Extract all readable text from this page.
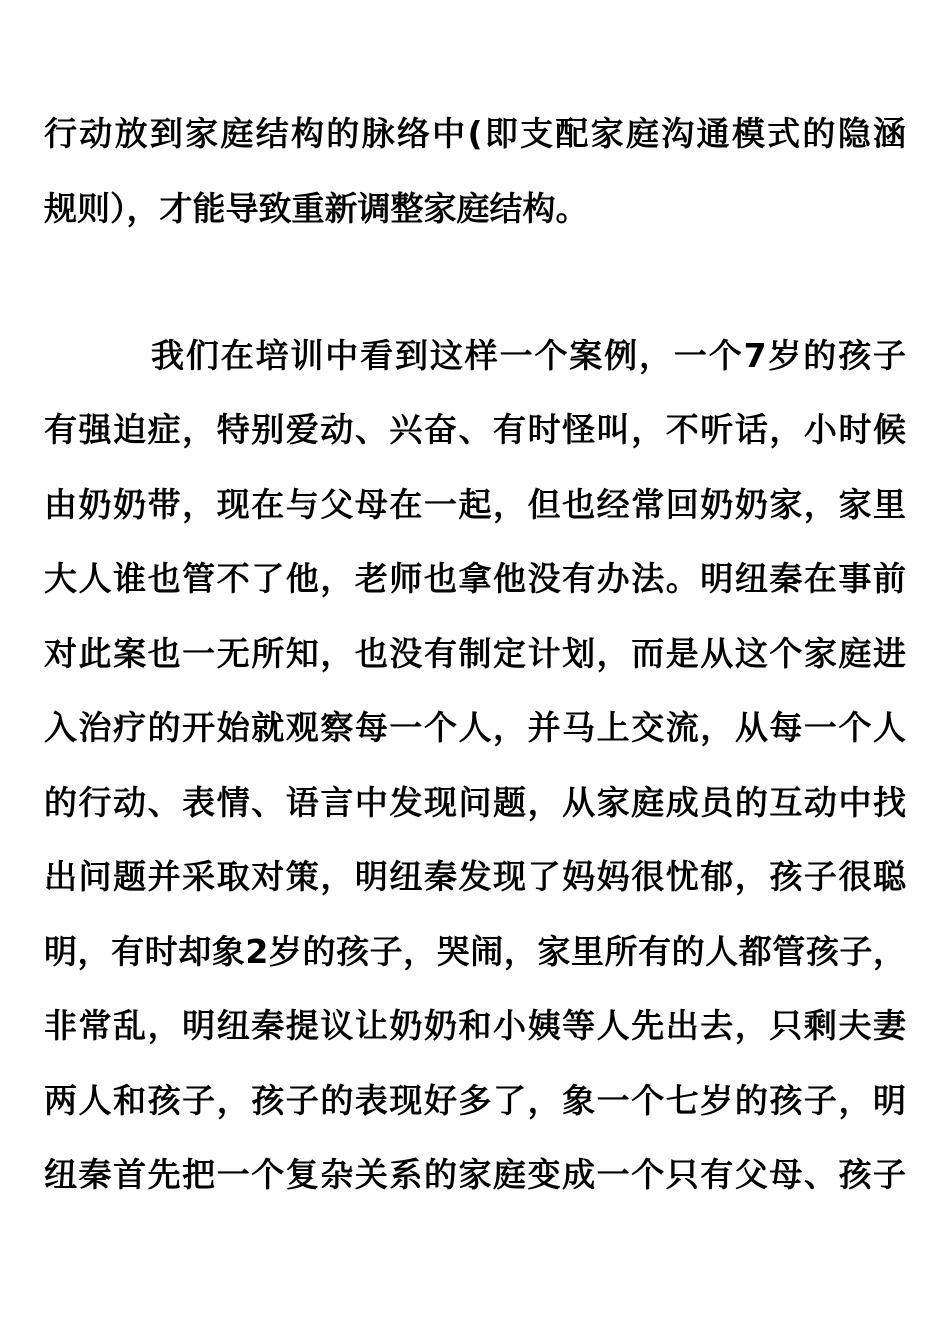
行动放到家庭结构的脉络中(即支配家庭沟通模式的隐涵
规则），才能导致重新调整家庭结构。
我们在培训中看到这样一个案例，一个7岁的孩子
有强迫症，特别爱动、兴奋、有时怪叫，不听话，小时候
由奶奶带，现在与父母在一起，但也经常回奶奶家，家里
大人谁也管不了他，老师也拿他没有办法。明纽秦在事前
对此案也一无所知，也没有制定计划，而是从这个家庭进
入治疗的开始就观察每一个人，并马上交流，从每一个人
的行动、表情、语言中发现问题，从家庭成员的互动中找
出问题并采取对策，明纽秦发现了妈妈很忧郁，孩子很聪
明，有时却象2岁的孩子，哭闹，家里所有的人都管孩子，
非常乱，明纽秦提议让奶奶和小姨等人先出去，只剩夫妻
两人和孩子，孩子的表现好多了，象一个七岁的孩子，明
纽秦首先把一个复杂关系的家庭变成一个只有父母、孩子
